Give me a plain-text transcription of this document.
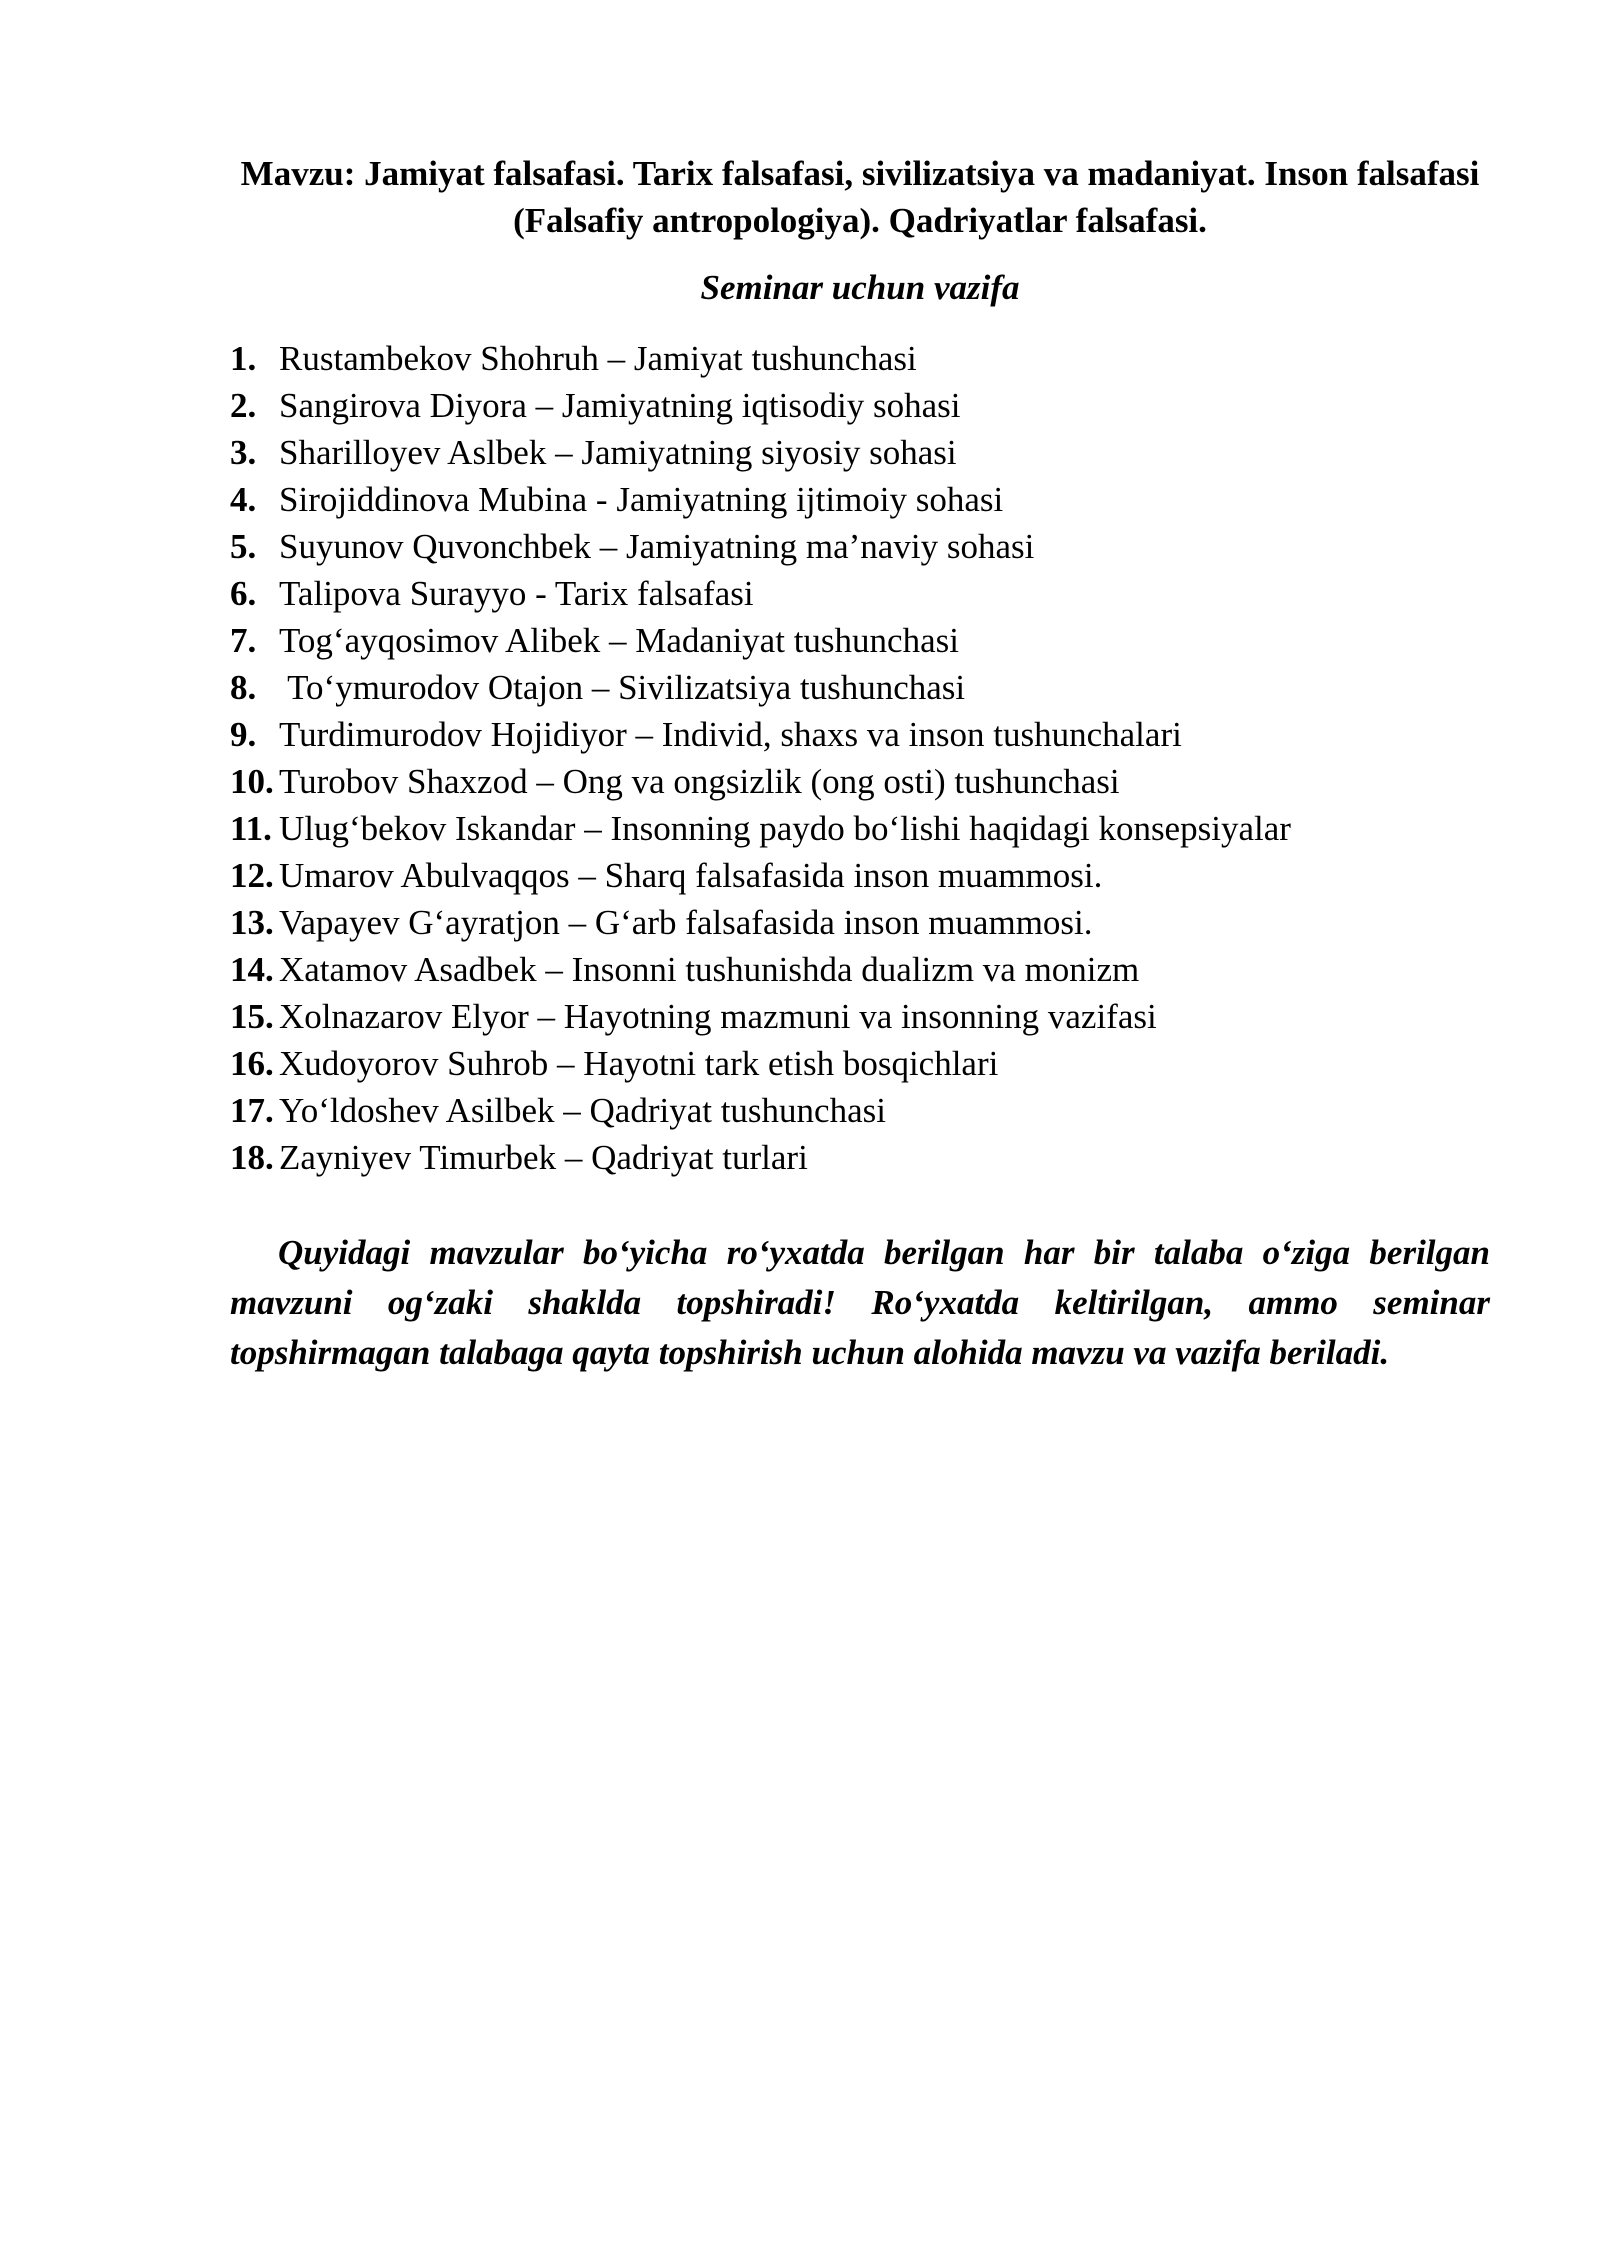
Mavzu: Jamiyat falsafasi. Tarix falsafasi, sivilizatsiya va madaniyat. Inson falsafasi (Falsafiy antropologiya). Qadriyatlar falsafasi.
Seminar uchun vazifa
1. Rustambekov Shohruh – Jamiyat tushunchasi
2. Sangirova Diyora – Jamiyatning iqtisodiy sohasi
3. Sharilloyev Aslbek – Jamiyatning siyosiy sohasi
4. Sirojiddinova Mubina - Jamiyatning ijtimoiy sohasi
5. Suyunov Quvonchbek – Jamiyatning ma’naviy sohasi
6. Talipova Surayyo - Tarix falsafasi
7. Tog‘ayqosimov Alibek – Madaniyat tushunchasi
8. To‘ymurodov Otajon – Sivilizatsiya tushunchasi
9. Turdimurodov Hojidiyor – Individ, shaxs va inson tushunchalari
10. Turobov Shaxzod – Ong va ongsizlik (ong osti) tushunchasi
11. Ulug‘bekov Iskandar – Insonning paydo bo‘lishi haqidagi konsepsiyalar
12. Umarov Abulvaqqos – Sharq falsafasida inson muammosi.
13. Vapayev G‘ayratjon – G‘arb falsafasida inson muammosi.
14. Xatamov Asadbek – Insonni tushunishda dualizm va monizm
15. Xolnazarov Elyor – Hayotning mazmuni va insonning vazifasi
16. Xudoyorov Suhrob – Hayotni tark etish bosqichlari
17. Yo‘ldoshev Asilbek – Qadriyat tushunchasi
18. Zayniyev Timurbek – Qadriyat turlari

Quyidagi mavzular bo‘yicha ro‘yxatda berilgan har bir talaba o‘ziga berilgan mavzuni og‘zaki shaklda topshiradi! Ro‘yxatda keltirilgan, ammo seminar topshirmagan talabaga qayta topshirish uchun alohida mavzu va vazifa beriladi.
